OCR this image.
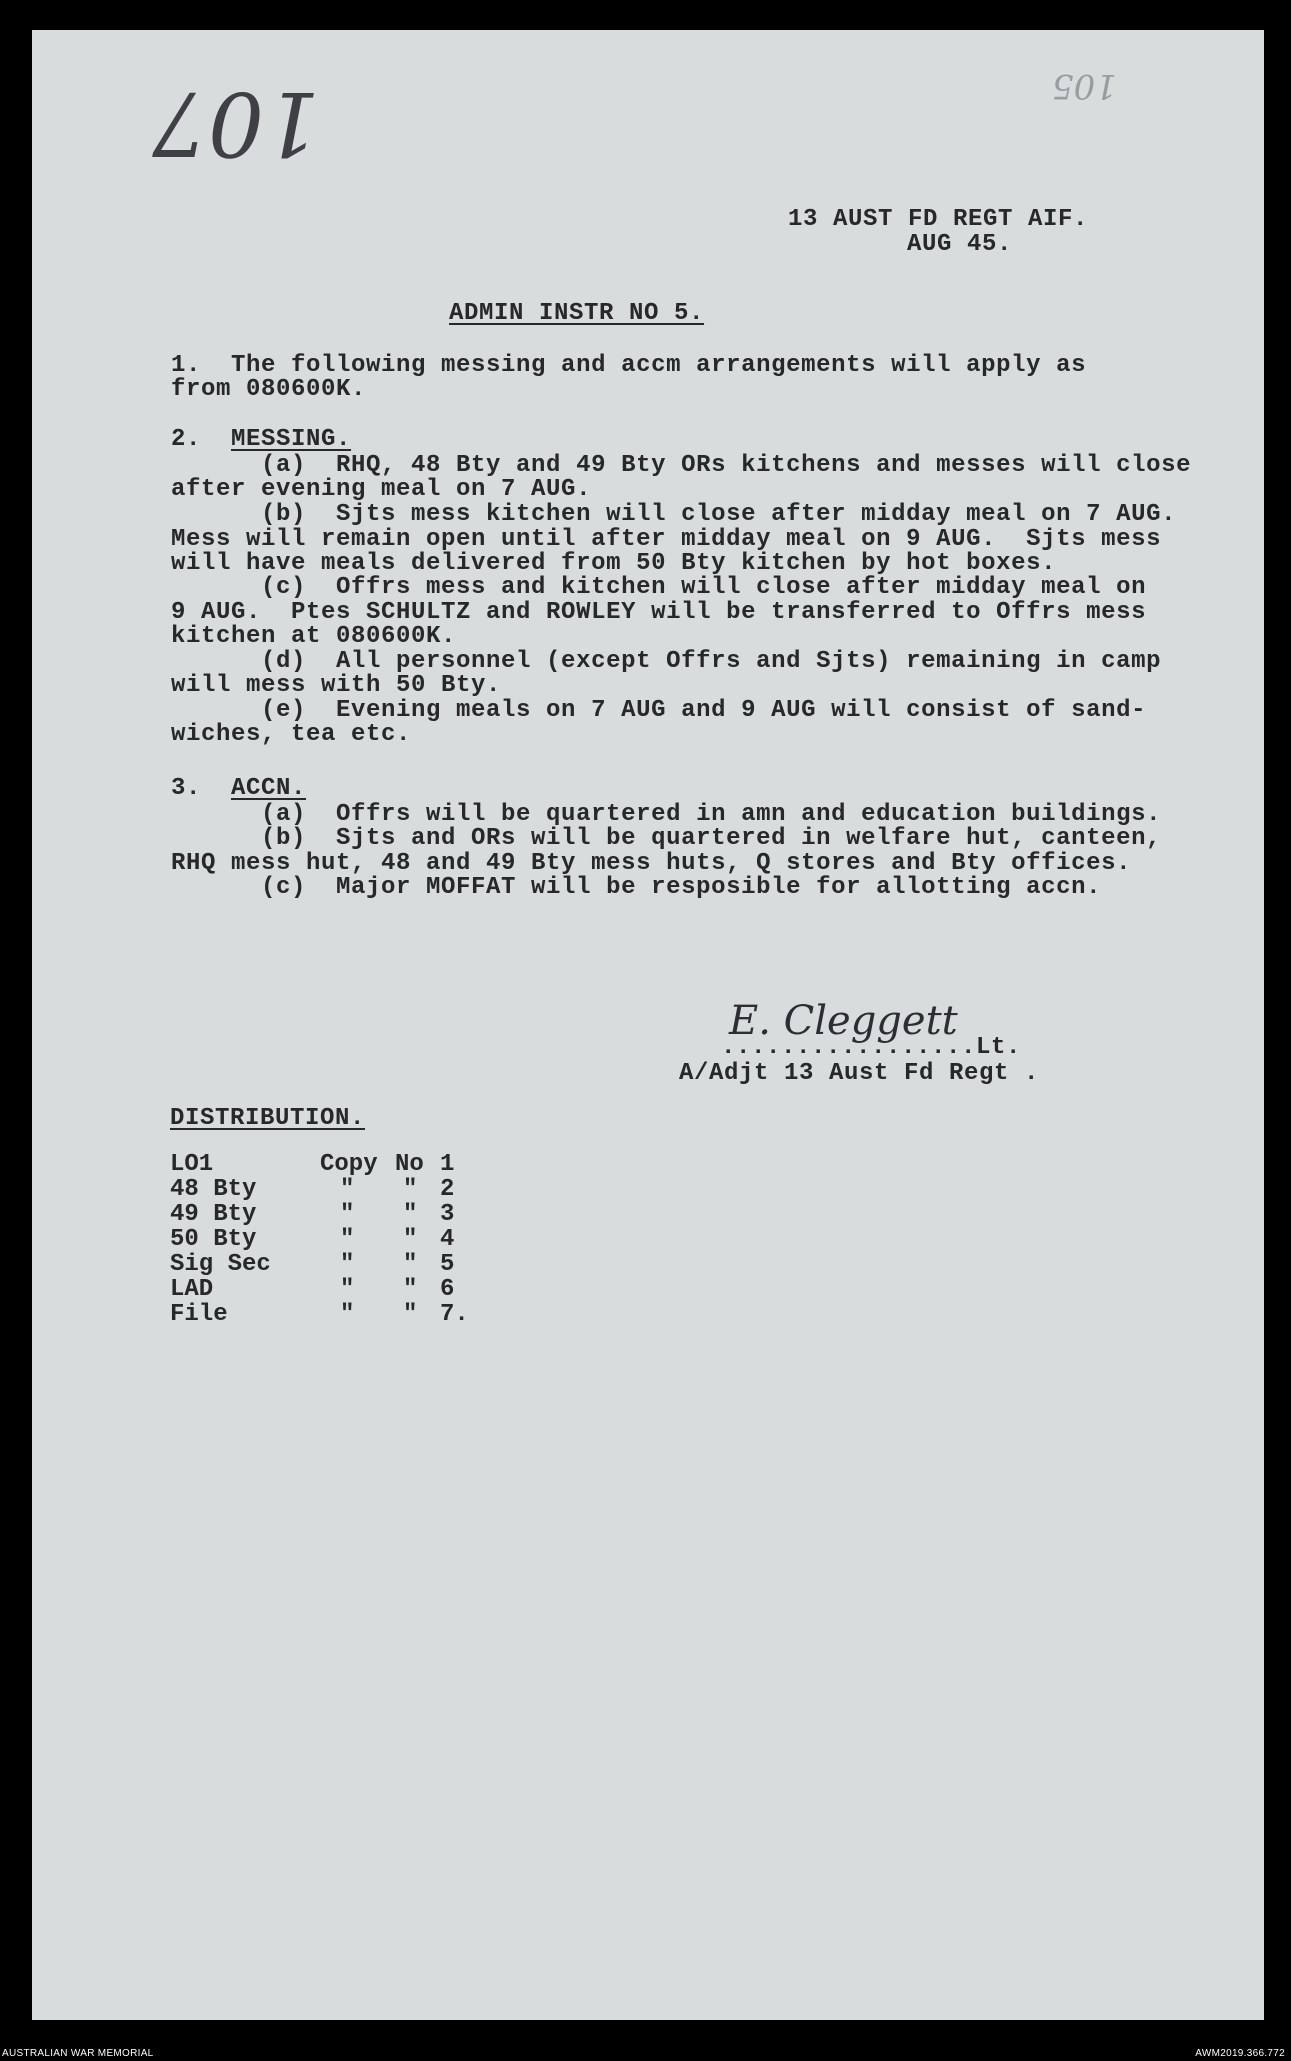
107	105
13 AUST FD REGT AIF.
AUG 45.
ADMIN INSTR NO 5.
1.  The following messing and accm arrangements will apply as
from 080600K.
2.  MESSING.
(a)  RHQ, 48 Bty and 49 Bty ORs kitchens and messes will close
after evening meal on 7 AUG.
(b)  Sjts mess kitchen will close after midday meal on 7 AUG.
Mess will remain open until after midday meal on 9 AUG.  Sjts mess
will have meals delivered from 50 Bty kitchen by hot boxes.
(c)  Offrs mess and kitchen will close after midday meal on
9 AUG.  Ptes SCHULTZ and ROWLEY will be transferred to Offrs mess
kitchen at 080600K.
(d)  All personnel (except Offrs and Sjts) remaining in camp
will mess with 50 Bty.
(e)  Evening meals on 7 AUG and 9 AUG will consist of sand-
wiches, tea etc.
3.  ACCN.
(a)  Offrs will be quartered in amn and education buildings.
(b)  Sjts and ORs will be quartered in welfare hut, canteen,
RHQ mess hut, 48 and 49 Bty mess huts, Q stores and Bty offices.
(c)  Major MOFFAT will be resposible for allotting accn.
E. Cleggett
.................Lt.
A/Adjt 13 Aust Fd Regt .
DISTRIBUTION.
LO1	Copy	No	1
48 Bty	"	"	2
49 Bty	"	"	3
50 Bty	"	"	4
Sig Sec	"	"	5
LAD	"	"	6
File	"	"	7.
AUSTRALIAN WAR MEMORIAL	AWM2019.366.772
